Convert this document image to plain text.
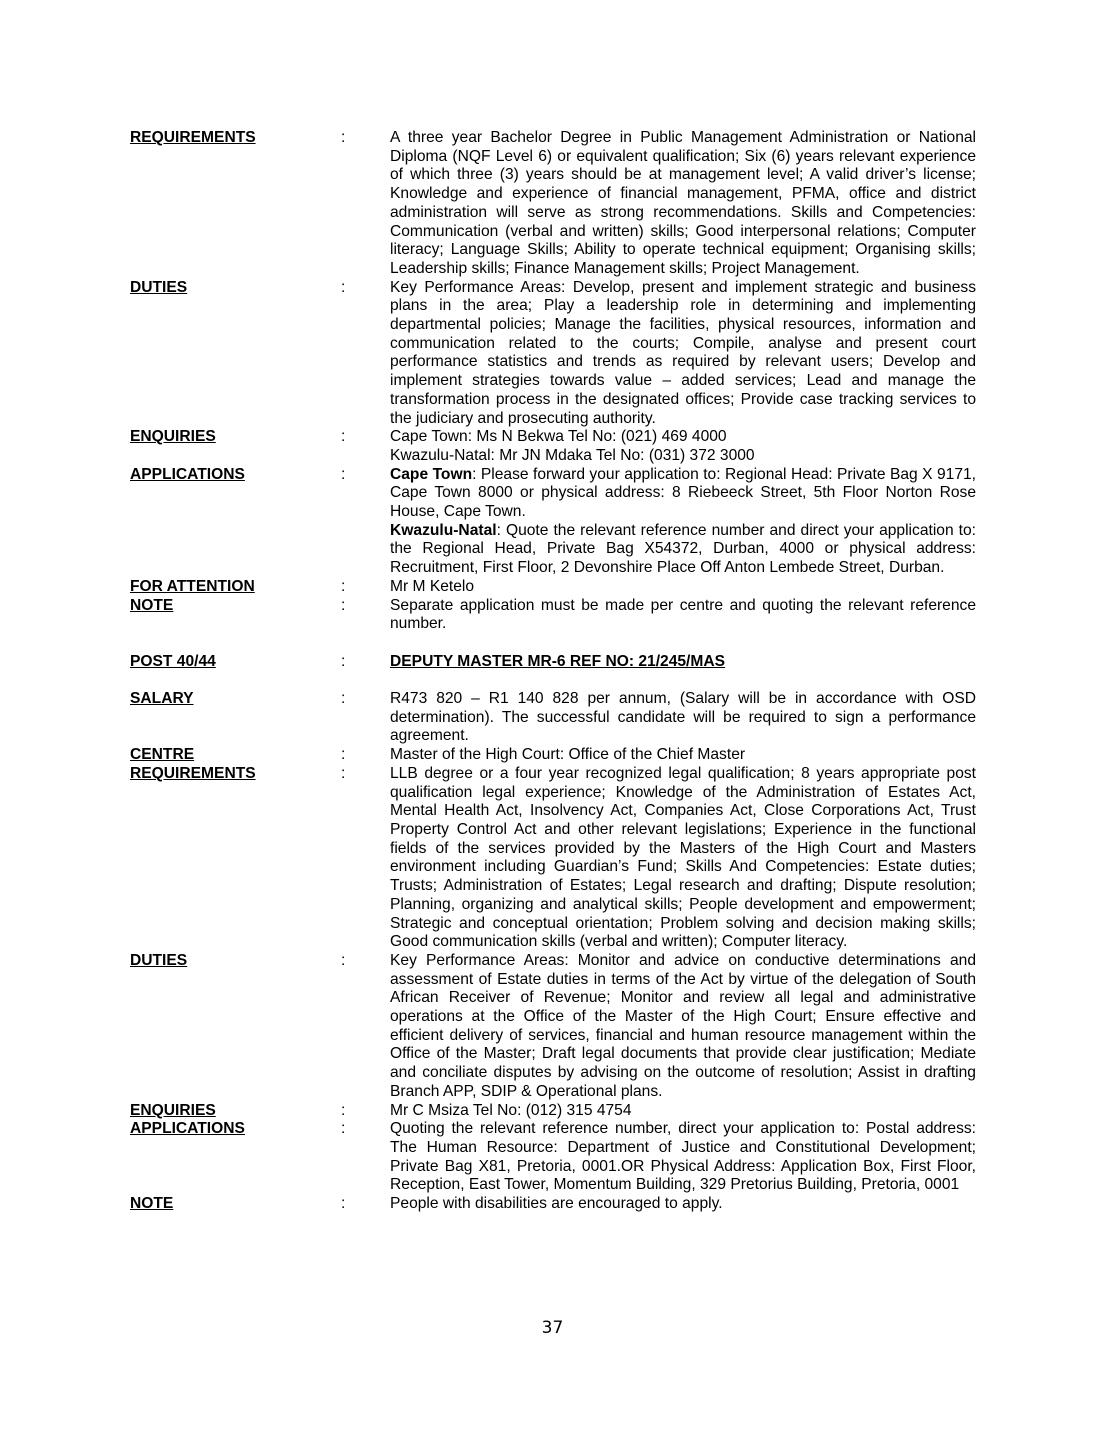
REQUIREMENTS	:	A three year Bachelor Degree in Public Management Administration or National Diploma (NQF Level 6) or equivalent qualification; Six (6) years relevant experience of which three (3) years should be at management level; A valid driver’s license; Knowledge and experience of financial management, PFMA, office and district administration will serve as strong recommendations. Skills and Competencies: Communication (verbal and written) skills; Good interpersonal relations; Computer literacy; Language Skills; Ability to operate technical equipment; Organising skills; Leadership skills; Finance Management skills; Project Management.
DUTIES	:	Key Performance Areas: Develop, present and implement strategic and business plans in the area; Play a leadership role in determining and implementing departmental policies; Manage the facilities, physical resources, information and communication related to the courts; Compile, analyse and present court performance statistics and trends as required by relevant users; Develop and implement strategies towards value – added services; Lead and manage the transformation process in the designated offices; Provide case tracking services to the judiciary and prosecuting authority.
ENQUIRIES	:	Cape Town: Ms N Bekwa Tel No: (021) 469 4000

Kwazulu-Natal: Mr JN Mdaka Tel No: (031) 372 3000

APPLICATIONS	:	Cape Town: Please forward your application to: Regional Head: Private Bag X 9171, Cape Town 8000 or physical address: 8 Riebeeck Street, 5th Floor Norton Rose House, Cape Town.

Kwazulu-Natal: Quote the relevant reference number and direct your application to: the Regional Head, Private Bag X54372, Durban, 4000 or physical address: Recruitment, First Floor, 2 Devonshire Place Off Anton Lembede Street, Durban.

FOR ATTENTION	:	Mr M Ketelo
NOTE	:	Separate application must be made per centre and quoting the relevant reference number.
POST 40/44	:	DEPUTY MASTER MR-6 REF NO: 21/245/MAS
SALARY	:	R473 820 – R1 140 828 per annum, (Salary will be in accordance with OSD determination). The successful candidate will be required to sign a performance agreement.
CENTRE	:	Master of the High Court: Office of the Chief Master
REQUIREMENTS	:	LLB degree or a four year recognized legal qualification; 8 years appropriate post qualification legal experience; Knowledge of the Administration of Estates Act, Mental Health Act, Insolvency Act, Companies Act, Close Corporations Act, Trust Property Control Act and other relevant legislations; Experience in the functional fields of the services provided by the Masters of the High Court and Masters environment including Guardian’s Fund; Skills And Competencies: Estate duties; Trusts; Administration of Estates; Legal research and drafting; Dispute resolution; Planning, organizing and analytical skills; People development and empowerment; Strategic and conceptual orientation; Problem solving and decision making skills; Good communication skills (verbal and written); Computer literacy.
DUTIES	:	Key Performance Areas: Monitor and advice on conductive determinations and assessment of Estate duties in terms of the Act by virtue of the delegation of South African Receiver of Revenue; Monitor and review all legal and administrative operations at the Office of the Master of the High Court; Ensure effective and efficient delivery of services, financial and human resource management within the Office of the Master; Draft legal documents that provide clear justification; Mediate and conciliate disputes by advising on the outcome of resolution; Assist in drafting Branch APP, SDIP & Operational plans.
ENQUIRIES	:	Mr C Msiza Tel No: (012) 315 4754
APPLICATIONS	:	Quoting the relevant reference number, direct your application to: Postal address: The Human Resource: Department of Justice and Constitutional Development; Private Bag X81, Pretoria, 0001.OR Physical Address: Application Box, First Floor, Reception, East Tower, Momentum Building, 329 Pretorius Building, Pretoria, 0001
NOTE	:	People with disabilities are encouraged to apply.
37
